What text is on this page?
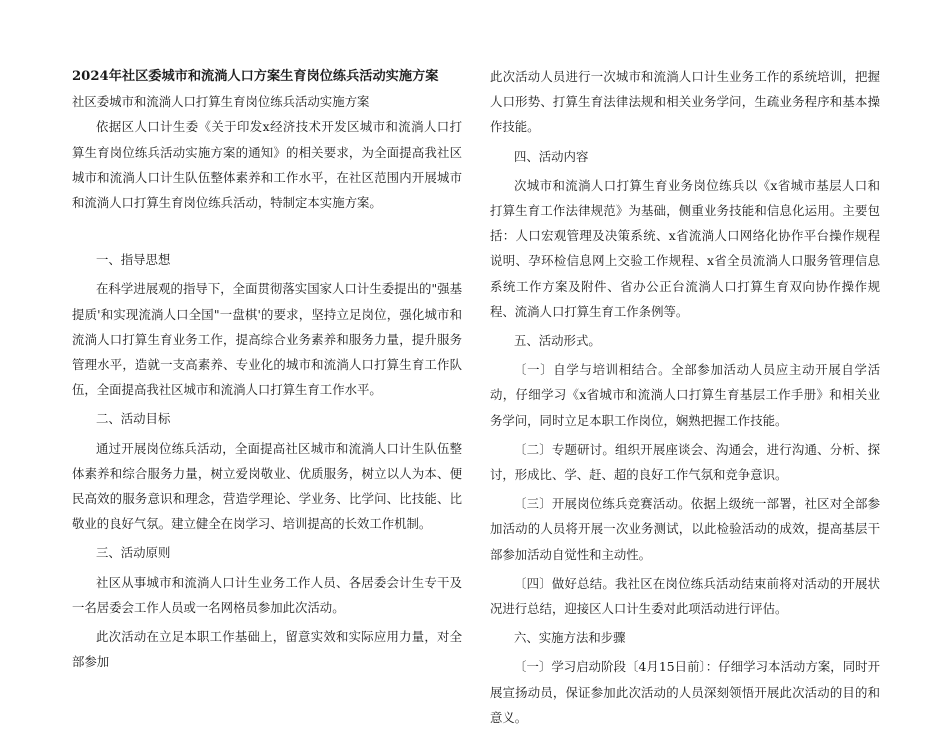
2024年社区委城市和流淌人口方案生育岗位练兵活动实施方案

社区委城市和流淌人口打算生育岗位练兵活动实施方案

依据区人口计生委《关于印发x经济技术开发区城市和流淌人口打算生育岗位练兵活动实施方案的通知》的相关要求，为全面提高我社区城市和流淌人口计生队伍整体素养和工作水平，在社区范围内开展城市和流淌人口打算生育岗位练兵活动，特制定本实施方案。

一、指导思想

在科学进展观的指导下，全面贯彻落实国家人口计生委提出的"强基提质'和实现流淌人口全国"一盘棋'的要求，坚持立足岗位，强化城市和流淌人口打算生育业务工作，提高综合业务素养和服务力量，提升服务管理水平，造就一支高素养、专业化的城市和流淌人口打算生育工作队伍，全面提高我社区城市和流淌人口打算生育工作水平。

二、活动目标

通过开展岗位练兵活动，全面提高社区城市和流淌人口计生队伍整体素养和综合服务力量，树立爱岗敬业、优质服务，树立以人为本、便民高效的服务意识和理念，营造学理论、学业务、比学问、比技能、比敬业的良好气氛。建立健全在岗学习、培训提高的长效工作机制。

三、活动原则

社区从事城市和流淌人口计生业务工作人员、各居委会计生专干及一名居委会工作人员或一名网格员参加此次活动。

此次活动在立足本职工作基础上，留意实效和实际应用力量，对全部参加

此次活动人员进行一次城市和流淌人口计生业务工作的系统培训，把握人口形势、打算生育法律法规和相关业务学问，生疏业务程序和基本操作技能。

四、活动内容

次城市和流淌人口打算生育业务岗位练兵以《x省城市基层人口和打算生育工作法律规范》为基础，侧重业务技能和信息化运用。主要包括：人口宏观管理及决策系统、x省流淌人口网络化协作平台操作规程说明、孕环检信息网上交验工作规程、x省全员流淌人口服务管理信息系统工作方案及附件、省办公正台流淌人口打算生育双向协作操作规程、流淌人口打算生育工作条例等。

五、活动形式。

〔一〕自学与培训相结合。全部参加活动人员应主动开展自学活动，仔细学习《x省城市和流淌人口打算生育基层工作手册》和相关业务学问，同时立足本职工作岗位，娴熟把握工作技能。

〔二〕专题研讨。组织开展座谈会、沟通会，进行沟通、分析、探讨，形成比、学、赶、超的良好工作气氛和竞争意识。

〔三〕开展岗位练兵竞赛活动。依据上级统一部署，社区对全部参加活动的人员将开展一次业务测试，以此检验活动的成效，提高基层干部参加活动自觉性和主动性。

〔四〕做好总结。我社区在岗位练兵活动结束前将对活动的开展状况进行总结，迎接区人口计生委对此项活动进行评估。

六、实施方法和步骤

〔一〕学习启动阶段〔4月15日前〕：仔细学习本活动方案，同时开展宣扬动员，保证参加此次活动的人员深刻领悟开展此次活动的目的和意义。
